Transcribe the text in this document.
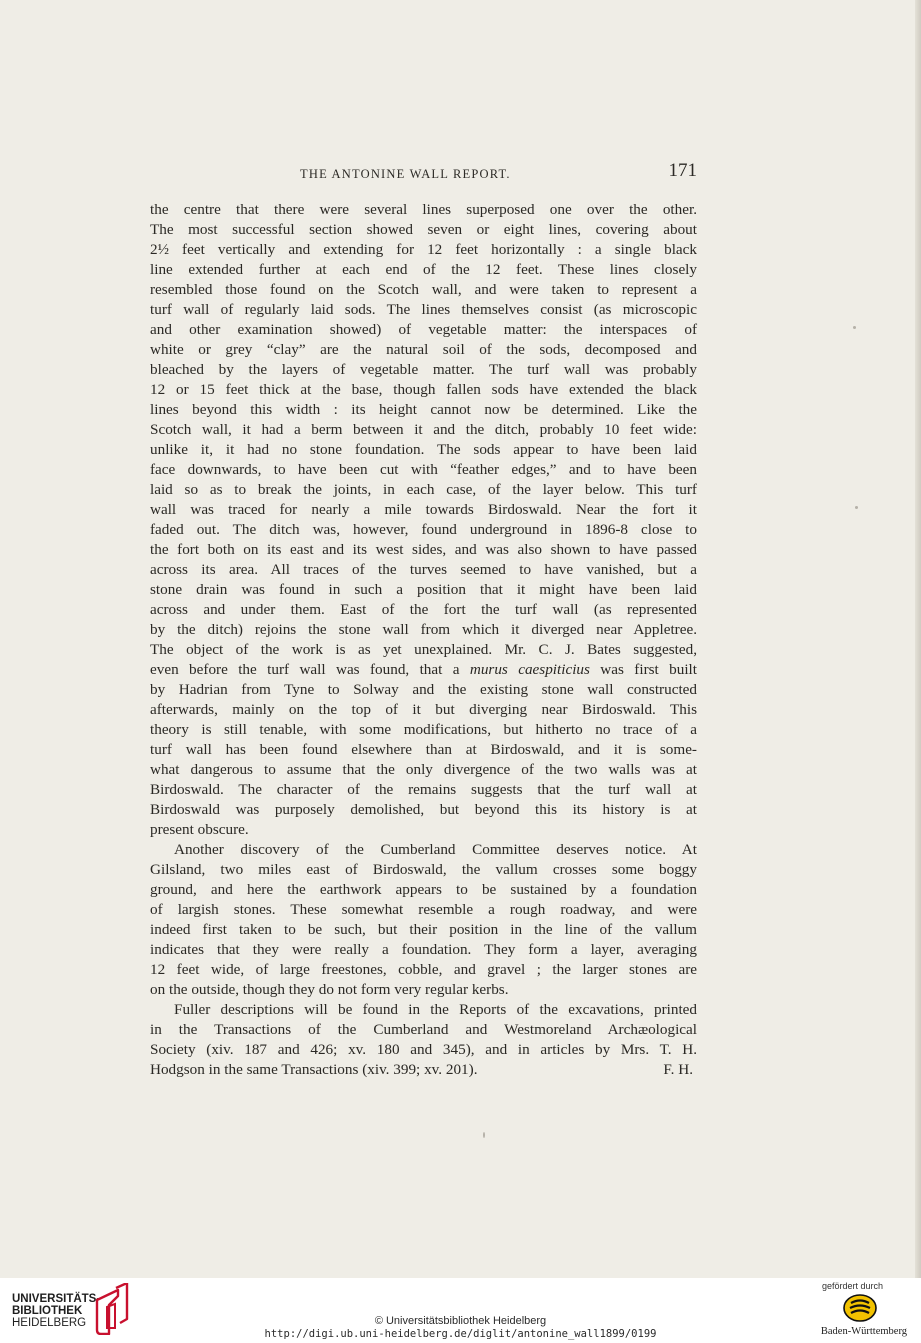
THE ANTONINE WALL REPORT.	171
the centre that there were several lines superposed one over the other.
The most successful section showed seven or eight lines, covering about
2½ feet vertically and extending for 12 feet horizontally : a single black
line extended further at each end of the 12 feet. These lines closely
resembled those found on the Scotch wall, and were taken to represent a
turf wall of regularly laid sods. The lines themselves consist (as microscopic
and other examination showed) of vegetable matter: the interspaces of
white or grey “clay” are the natural soil of the sods, decomposed and
bleached by the layers of vegetable matter. The turf wall was probably
12 or 15 feet thick at the base, though fallen sods have extended the black
lines beyond this width : its height cannot now be determined. Like the
Scotch wall, it had a berm between it and the ditch, probably 10 feet wide:
unlike it, it had no stone foundation. The sods appear to have been laid
face downwards, to have been cut with “feather edges,” and to have been
laid so as to break the joints, in each case, of the layer below. This turf
wall was traced for nearly a mile towards Birdoswald. Near the fort it
faded out. The ditch was, however, found underground in 1896-8 close to
the fort both on its east and its west sides, and was also shown to have passed
across its area. All traces of the turves seemed to have vanished, but a
stone drain was found in such a position that it might have been laid
across and under them. East of the fort the turf wall (as represented
by the ditch) rejoins the stone wall from which it diverged near Appletree.
The object of the work is as yet unexplained. Mr. C. J. Bates suggested,
even before the turf wall was found, that a murus caespiticius was first built
by Hadrian from Tyne to Solway and the existing stone wall constructed
afterwards, mainly on the top of it but diverging near Birdoswald. This
theory is still tenable, with some modifications, but hitherto no trace of a
turf wall has been found elsewhere than at Birdoswald, and it is some-
what dangerous to assume that the only divergence of the two walls was at
Birdoswald. The character of the remains suggests that the turf wall at
Birdoswald was purposely demolished, but beyond this its history is at
present obscure.
Another discovery of the Cumberland Committee deserves notice. At
Gilsland, two miles east of Birdoswald, the vallum crosses some boggy
ground, and here the earthwork appears to be sustained by a foundation
of largish stones. These somewhat resemble a rough roadway, and were
indeed first taken to be such, but their position in the line of the vallum
indicates that they were really a foundation. They form a layer, averaging
12 feet wide, of large freestones, cobble, and gravel ; the larger stones are
on the outside, though they do not form very regular kerbs.
Fuller descriptions will be found in the Reports of the excavations, printed
in the Transactions of the Cumberland and Westmoreland Archæological
Society (xiv. 187 and 426; xv. 180 and 345), and in articles by Mrs. T. H.
Hodgson in the same Transactions (xiv. 399; xv. 201).	F. H.
UNIVERSITÄTS-
BIBLIOTHEK
HEIDELBERG	© Universitätsbibliothek Heidelberg
http://digi.ub.uni-heidelberg.de/diglit/antonine_wall1899/0199
gefördert durch
Baden-Württemberg
